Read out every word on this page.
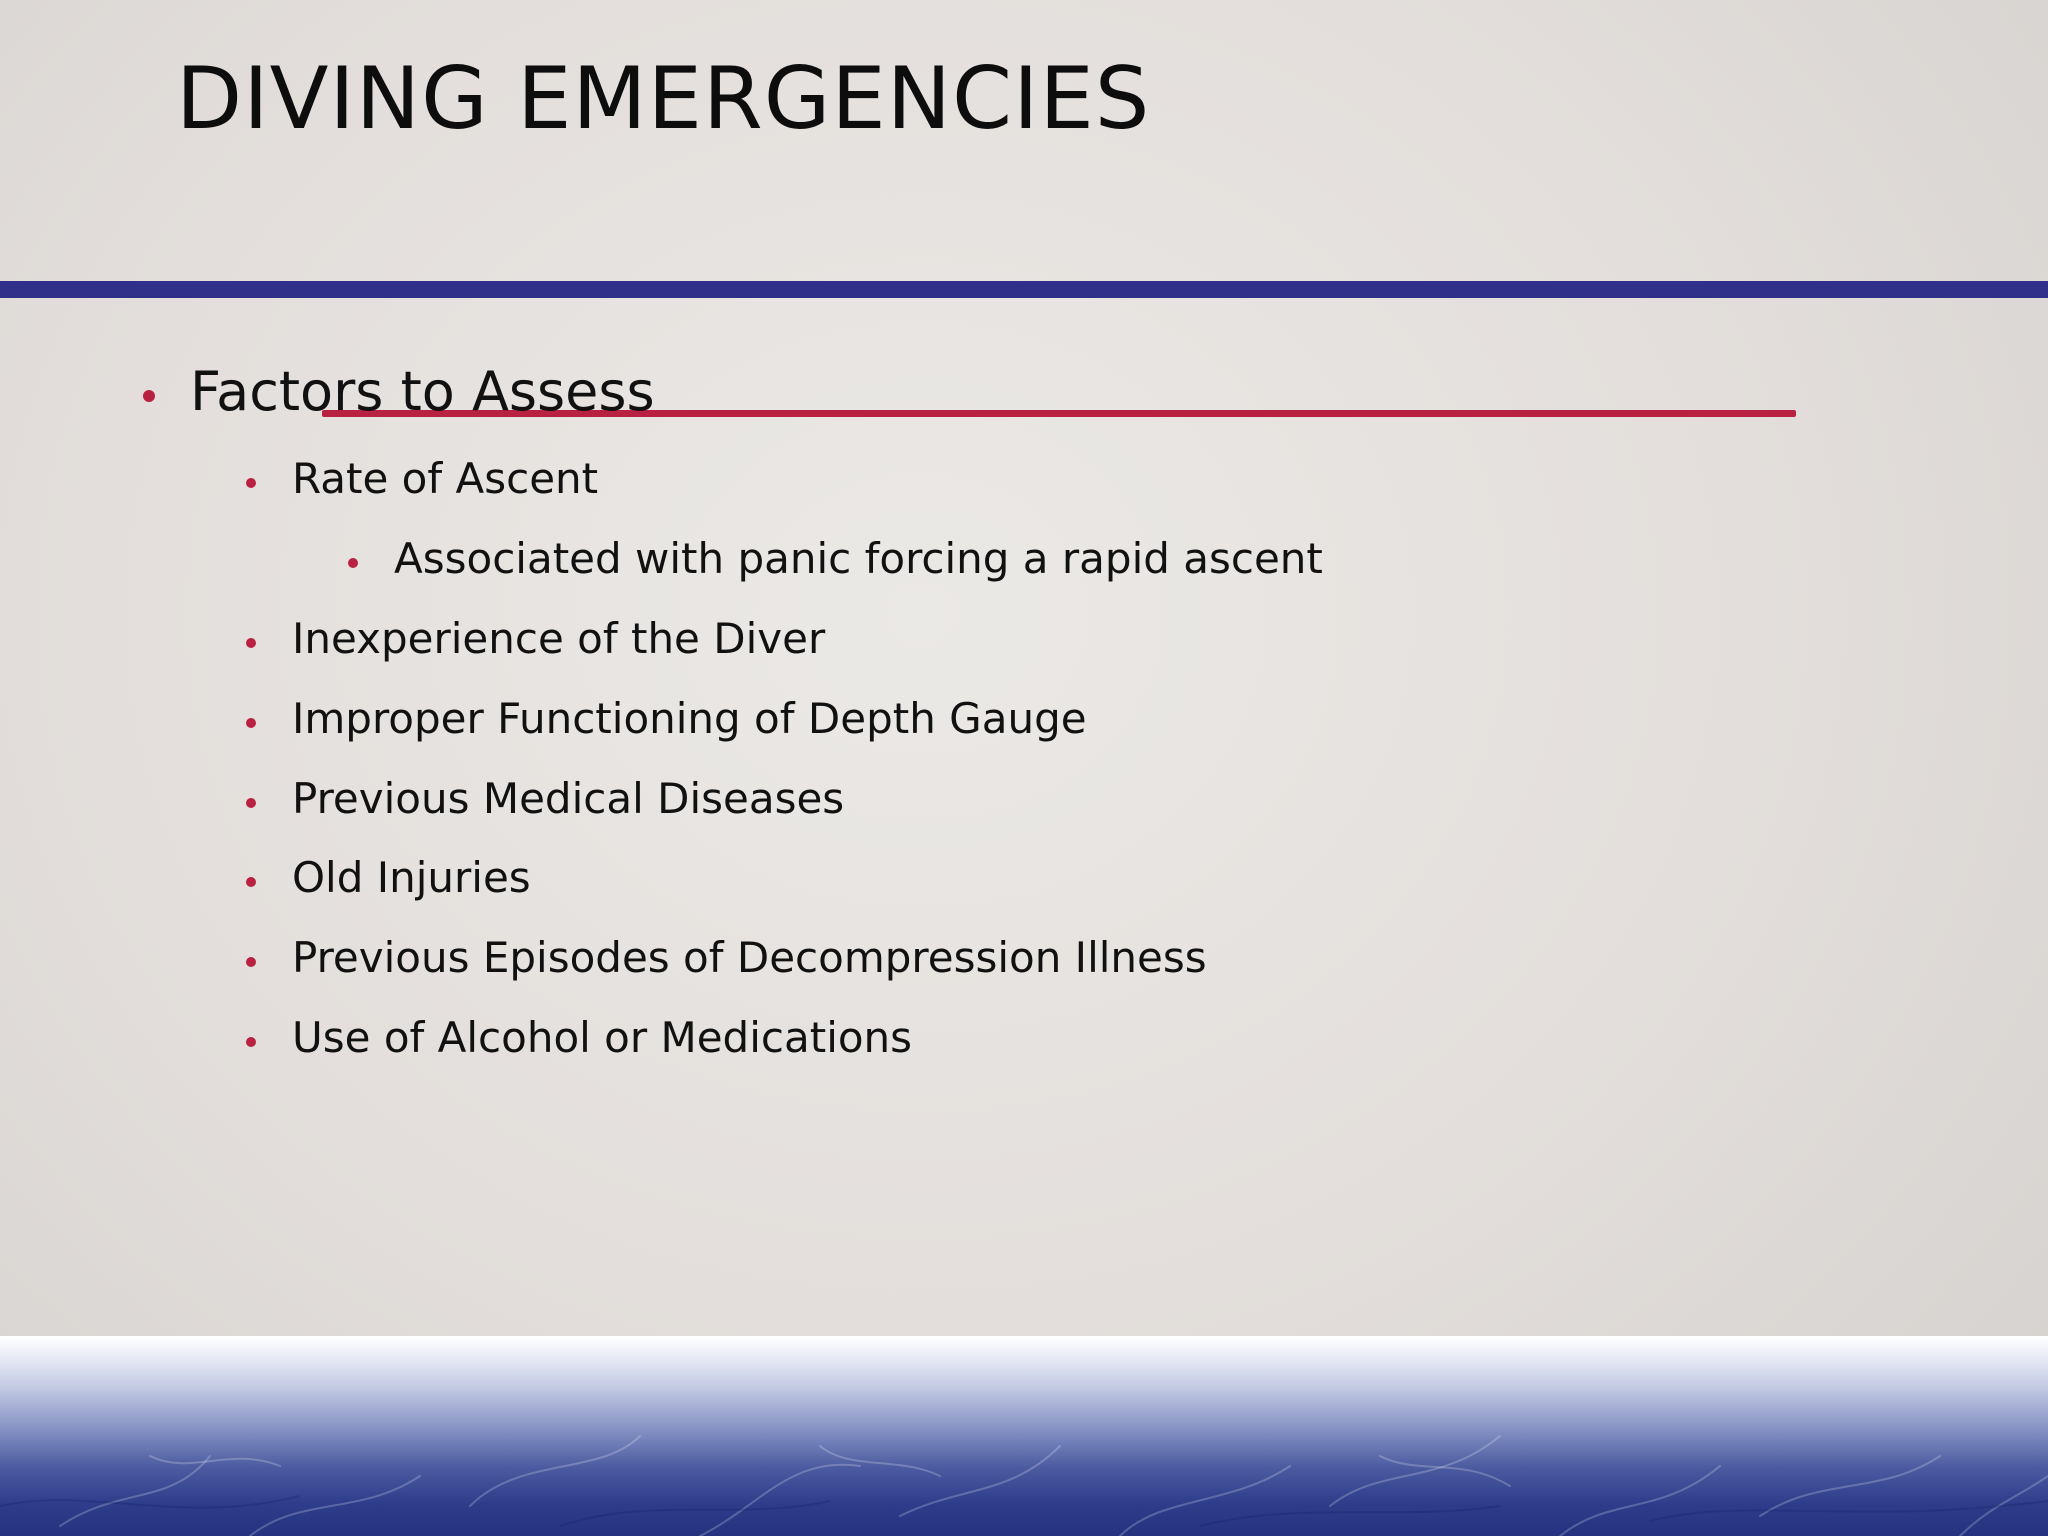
DIVING EMERGENCIES
Factors to Assess
Rate of Ascent
Associated with panic forcing a rapid ascent
Inexperience of the Diver
Improper Functioning of Depth Gauge
Previous Medical Diseases
Old Injuries
Previous Episodes of Decompression Illness
Use of Alcohol or Medications
